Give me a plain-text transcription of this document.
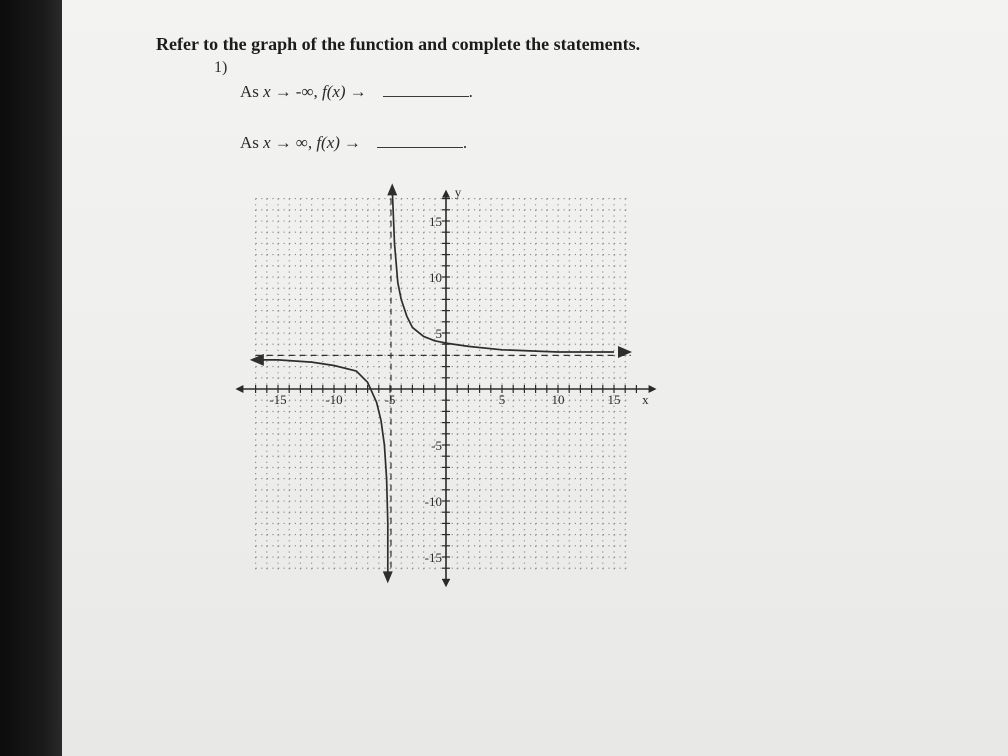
Refer to the graph of the function and complete the statements.
1)
As x → -∞, f(x) →	.
As x → ∞, f(x) →	.
-15	-10	-5	5	10	15
15
10
5
-5
-10
-15
x
y
